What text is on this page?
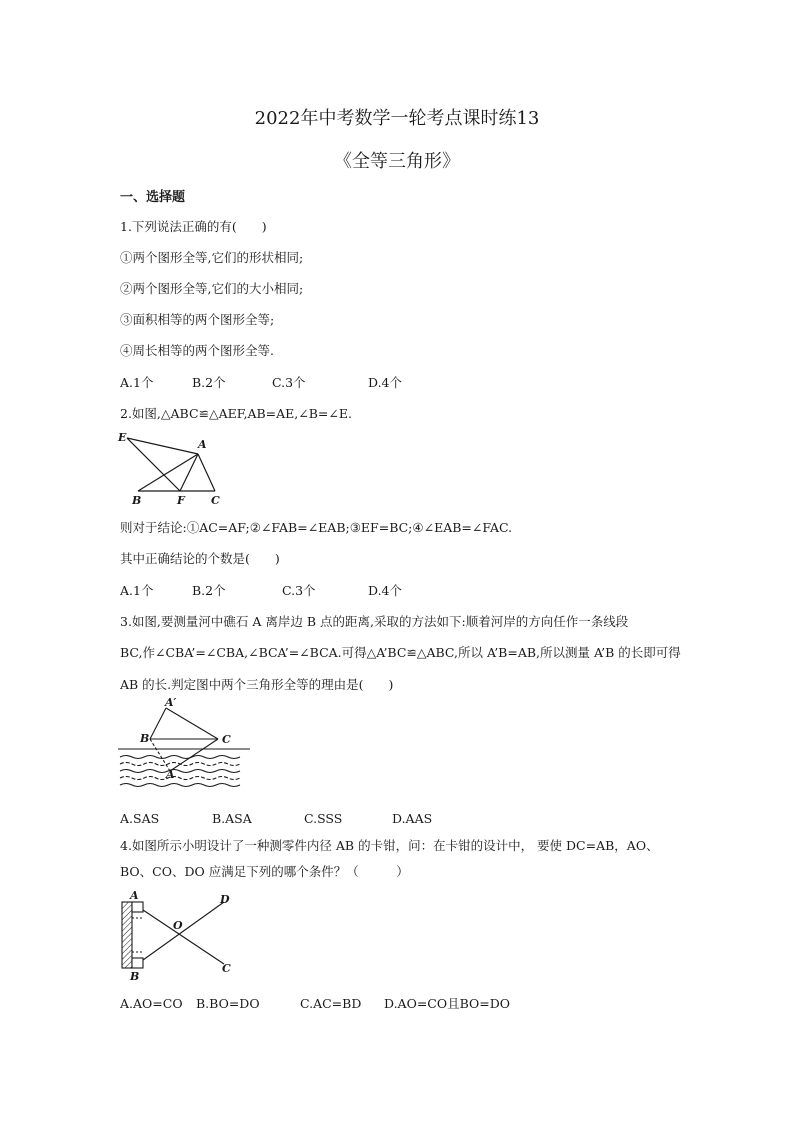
2022年中考数学一轮考点课时练13
《全等三角形》
一、选择题
1.下列说法正确的有(　　)
①两个图形全等,它们的形状相同;
②两个图形全等,它们的大小相同;
③面积相等的两个图形全等;
④周长相等的两个图形全等.
A.1个	B.2个	C.3个	D.4个
2.如图,△ABC≌△AEF,AB=AE,∠B=∠E.
E
A
B	F C
则对于结论:①AC=AF;②∠FAB=∠EAB;③EF=BC;④∠EAB=∠FAC.
其中正确结论的个数是(　　)
A.1个	B.2个	C.3个	D.4个
3.如图,要测量河中礁石 A 离岸边 B 点的距离,采取的方法如下:顺着河岸的方向任作一条线段
BC,作∠CBA’=∠CBA,∠BCA’=∠BCA.可得△A’BC≌△ABC,所以 A’B=AB,所以测量 A’B 的长即可得
AB 的长.判定图中两个三角形全等的理由是(　　)
A′
B	C
A
A.SAS	B.ASA	C.SSS	D.AAS
4.如图所示小明设计了一种测零件内径 AB 的卡钳，问：在卡钳的设计中， 要使 DC=AB，AO、
BO、CO、DO 应满足下列的哪个条件？（　　　）
A	D
O
B
C
A.AO=CO B.BO=DO	C.AC=BD D.AO=CO且BO=DO
